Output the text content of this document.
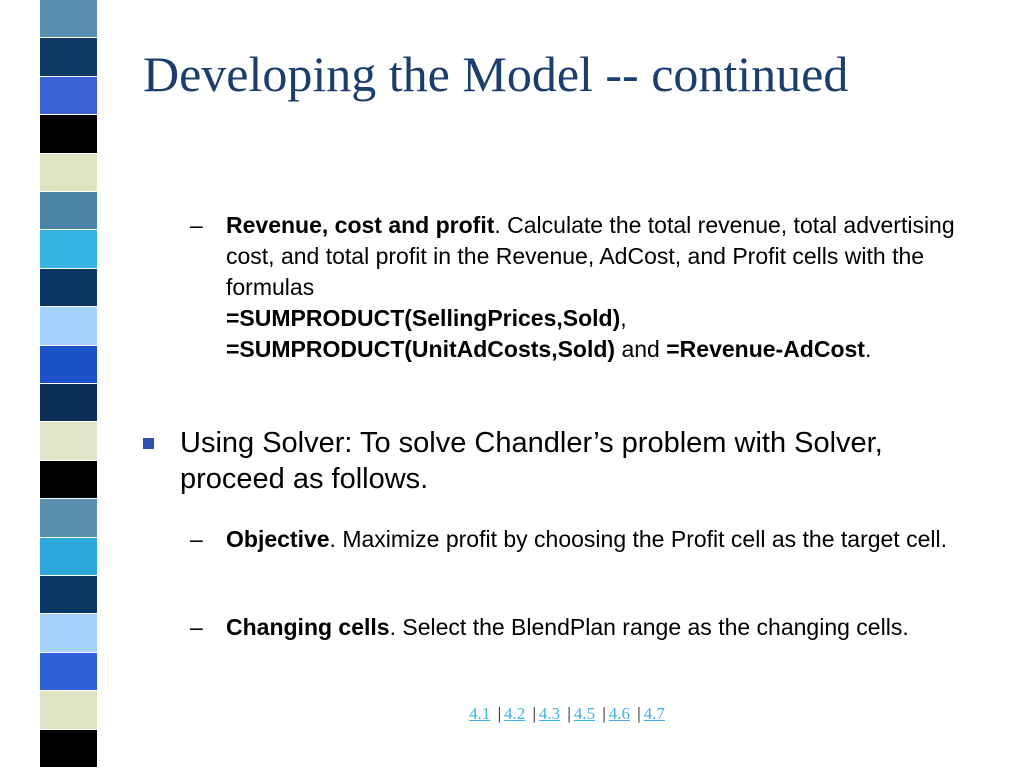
Developing the Model -- continued
–	Revenue, cost and profit. Calculate the total revenue, total advertising cost, and total profit in the Revenue, AdCost, and Profit cells with the formulas
=SUMPRODUCT(SellingPrices,Sold),
=SUMPRODUCT(UnitAdCosts,Sold) and =Revenue-AdCost.
Using Solver: To solve Chandler’s problem with Solver, proceed as follows.
–	Objective. Maximize profit by choosing the Profit cell as the target cell.
–	Changing cells. Select the BlendPlan range as the changing cells.
4.1 | 4.2 | 4.3 | 4.5 | 4.6 | 4.7
